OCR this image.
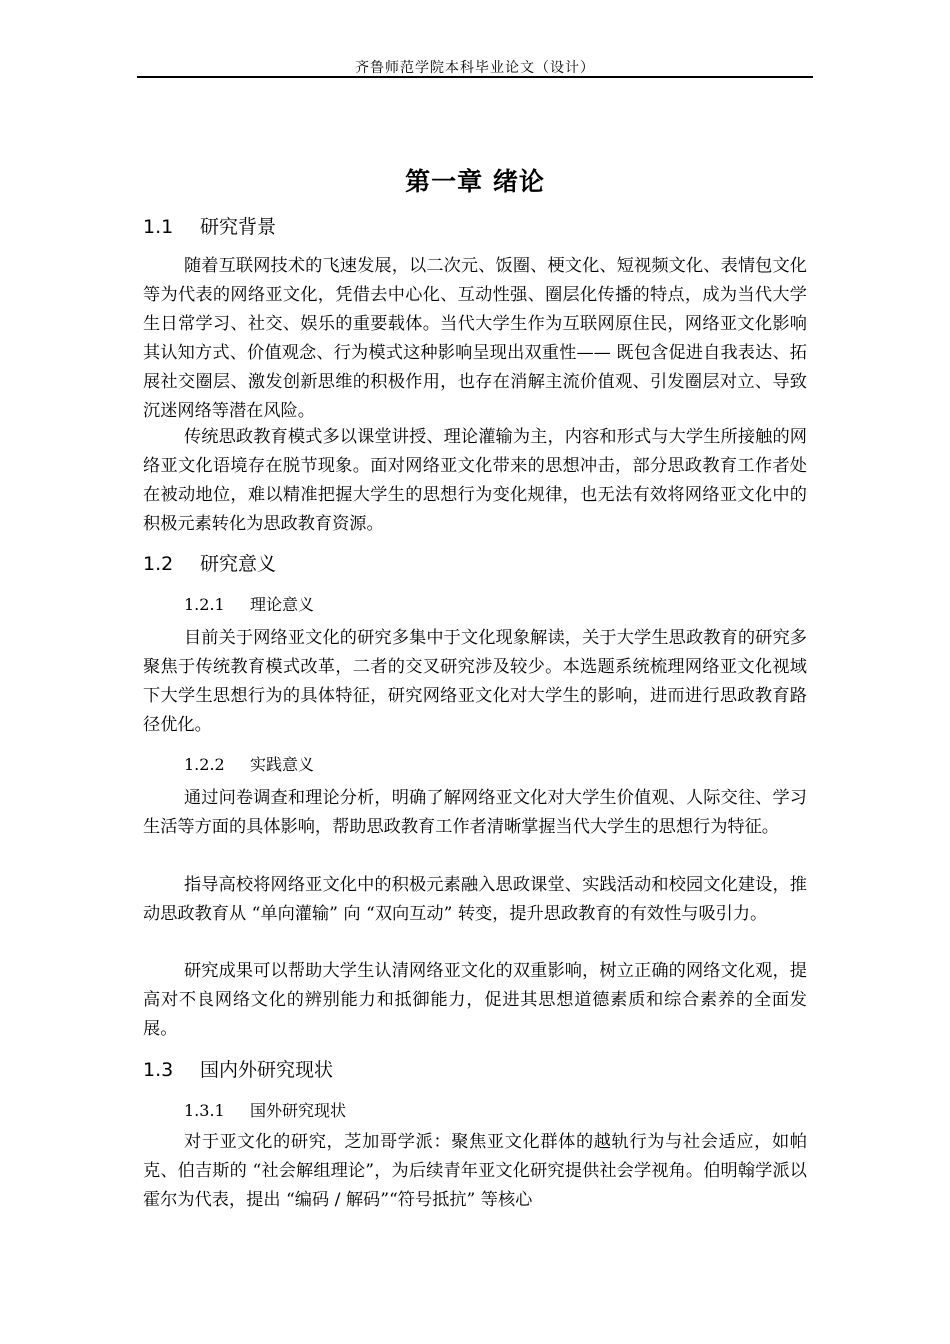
齐鲁师范学院本科毕业论文（设计）
第一章 绪论
1.1 研究背景

随着互联网技术的飞速发展，以二次元、饭圈、梗文化、短视频文化、表情包文化等为代表的网络亚文化，凭借去中心化、互动性强、圈层化传播的特点，成为当代大学生日常学习、社交、娱乐的重要载体。当代大学生作为互联网原住民，网络亚文化影响其认知方式、价值观念、行为模式这种影响呈现出双重性—— 既包含促进自我表达、拓展社交圈层、激发创新思维的积极作用，也存在消解主流价值观、引发圈层对立、导致沉迷网络等潜在风险。

传统思政教育模式多以课堂讲授、理论灌输为主，内容和形式与大学生所接触的网络亚文化语境存在脱节现象。面对网络亚文化带来的思想冲击，部分思政教育工作者处在被动地位，难以精准把握大学生的思想行为变化规律，也无法有效将网络亚文化中的积极元素转化为思政教育资源。

1.2 研究意义
1.2.1 理论意义

目前关于网络亚文化的研究多集中于文化现象解读，关于大学生思政教育的研究多聚焦于传统教育模式改革，二者的交叉研究涉及较少。本选题系统梳理网络亚文化视域下大学生思想行为的具体特征，研究网络亚文化对大学生的影响，进而进行思政教育路径优化。

1.2.2 实践意义

通过问卷调查和理论分析，明确了解网络亚文化对大学生价值观、人际交往、学习生活等方面的具体影响，帮助思政教育工作者清晰掌握当代大学生的思想行为特征。

指导高校将网络亚文化中的积极元素融入思政课堂、实践活动和校园文化建设，推动思政教育从 “单向灌输” 向 “双向互动” 转变，提升思政教育的有效性与吸引力。

研究成果可以帮助大学生认清网络亚文化的双重影响，树立正确的网络文化观，提高对不良网络文化的辨别能力和抵御能力，促进其思想道德素质和综合素养的全面发展。

1.3 国内外研究现状
1.3.1 国外研究现状

对于亚文化的研究，芝加哥学派：聚焦亚文化群体的越轨行为与社会适应，如帕克、伯吉斯的 “社会解组理论”，为后续青年亚文化研究提供社会学视角。伯明翰学派以霍尔为代表，提出 “编码 / 解码”“符号抵抗” 等核心
